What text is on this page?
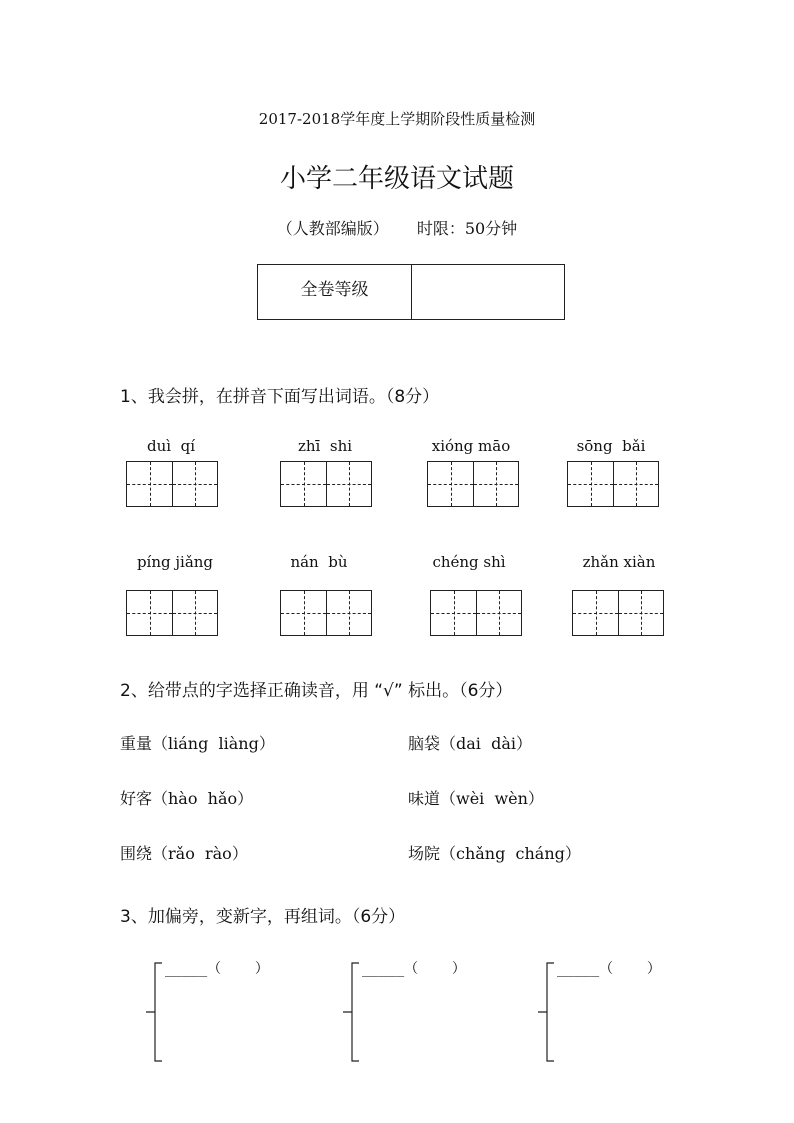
2017-2018学年度上学期阶段性质量检测
小学二年级语文试题
（人教部编版） 时限：50分钟
全卷等级
1、我会拼，在拼音下面写出词语。（8分）
duì  qí	zhī  shi	xióng māo	sōng  bǎi
píng jiǎng	nán  bù	chéng shì	zhǎn xiàn
2、给带点的字选择正确读音，用 “√” 标出。（6分）
重量（liáng  liàng）	脑袋（dai  dài）
好客（hào  hǎo）	味道（wèi  wèn）
围绕（rǎo  rào）	场院（chǎng  cháng）
3、加偏旁，变新字，再组词。（6分）
_____（    ）	_____（    ）	_____（    ）
